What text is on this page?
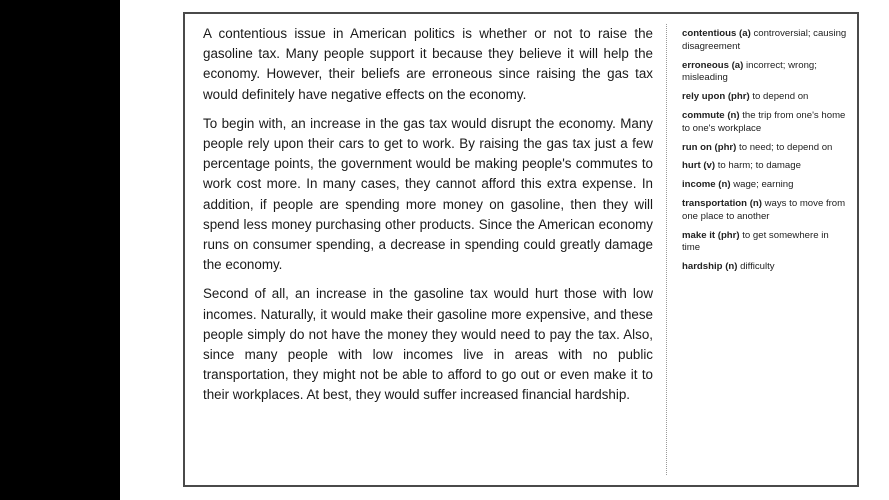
A contentious issue in American politics is whether or not to raise the gasoline tax. Many people support it because they believe it will help the economy. However, their beliefs are erroneous since raising the gas tax would definitely have negative effects on the economy.

To begin with, an increase in the gas tax would disrupt the economy. Many people rely upon their cars to get to work. By raising the gas tax just a few percentage points, the government would be making people's commutes to work cost more. In many cases, they cannot afford this extra expense. In addition, if people are spending more money on gasoline, then they will spend less money purchasing other products. Since the American economy runs on consumer spending, a decrease in spending could greatly damage the economy.

Second of all, an increase in the gasoline tax would hurt those with low incomes. Naturally, it would make their gasoline more expensive, and these people simply do not have the money they would need to pay the tax. Also, since many people with low incomes live in areas with no public transportation, they might not be able to afford to go out or even make it to their workplaces. At best, they would suffer increased financial hardship.

contentious (a) controversial; causing disagreement
erroneous (a) incorrect; wrong; misleading
rely upon (phr) to depend on
commute (n) the trip from one's home to one's workplace
run on (phr) to need; to depend on
hurt (v) to harm; to damage
income (n) wage; earning
transportation (n) ways to move from one place to another
make it (phr) to get somewhere in time
hardship (n) difficulty
